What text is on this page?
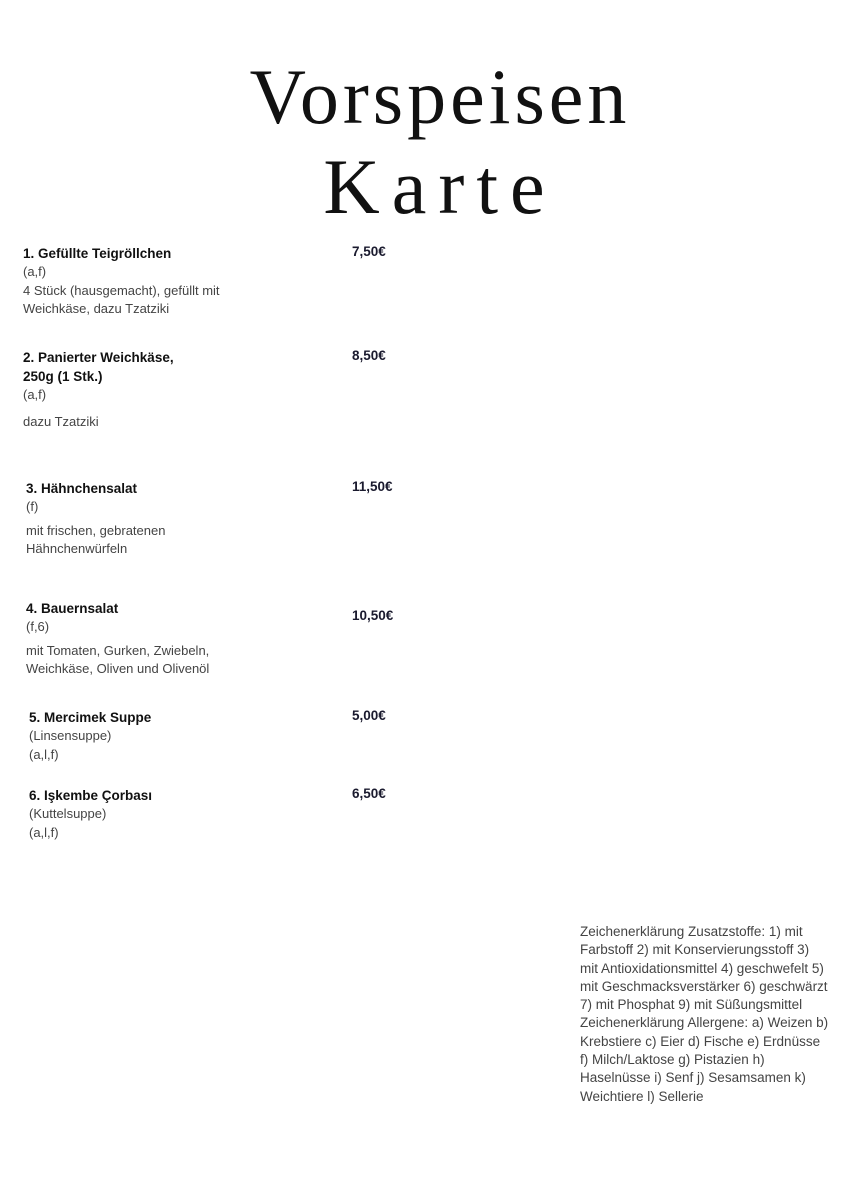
Vorspeisen
Karte
1. Gefüllte Teigröllchen
(a,f)
4 Stück (hausgemacht), gefüllt mit Weichkäse, dazu Tzatziki
7,50€
2. Panierter Weichkäse, 250g (1 Stk.)
(a,f)
dazu Tzatziki
8,50€
3. Hähnchensalat
(f)
mit frischen, gebratenen Hähnchenwürfeln
11,50€
4. Bauernsalat
(f,6)
mit Tomaten, Gurken, Zwiebeln, Weichkäse, Oliven und Olivenöl
10,50€
5. Mercimek Suppe
(Linsensuppe)
(a,l,f)
5,00€
6. Işkembe Çorbası
(Kuttelsuppe)
(a,l,f)
6,50€

Zeichenerklärung Zusatzstoffe: 1) mit Farbstoff 2) mit Konservierungsstoff 3) mit Antioxidationsmittel 4) geschwefelt 5) mit Geschmacksverstärker 6) geschwärzt 7) mit Phosphat 9) mit Süßungsmittel

Zeichenerklärung Allergene: a) Weizen b) Krebstiere c) Eier d) Fische e) Erdnüsse f) Milch/Laktose g) Pistazien h) Haselnüsse i) Senf j) Sesamsamen k) Weichtiere l) Sellerie
